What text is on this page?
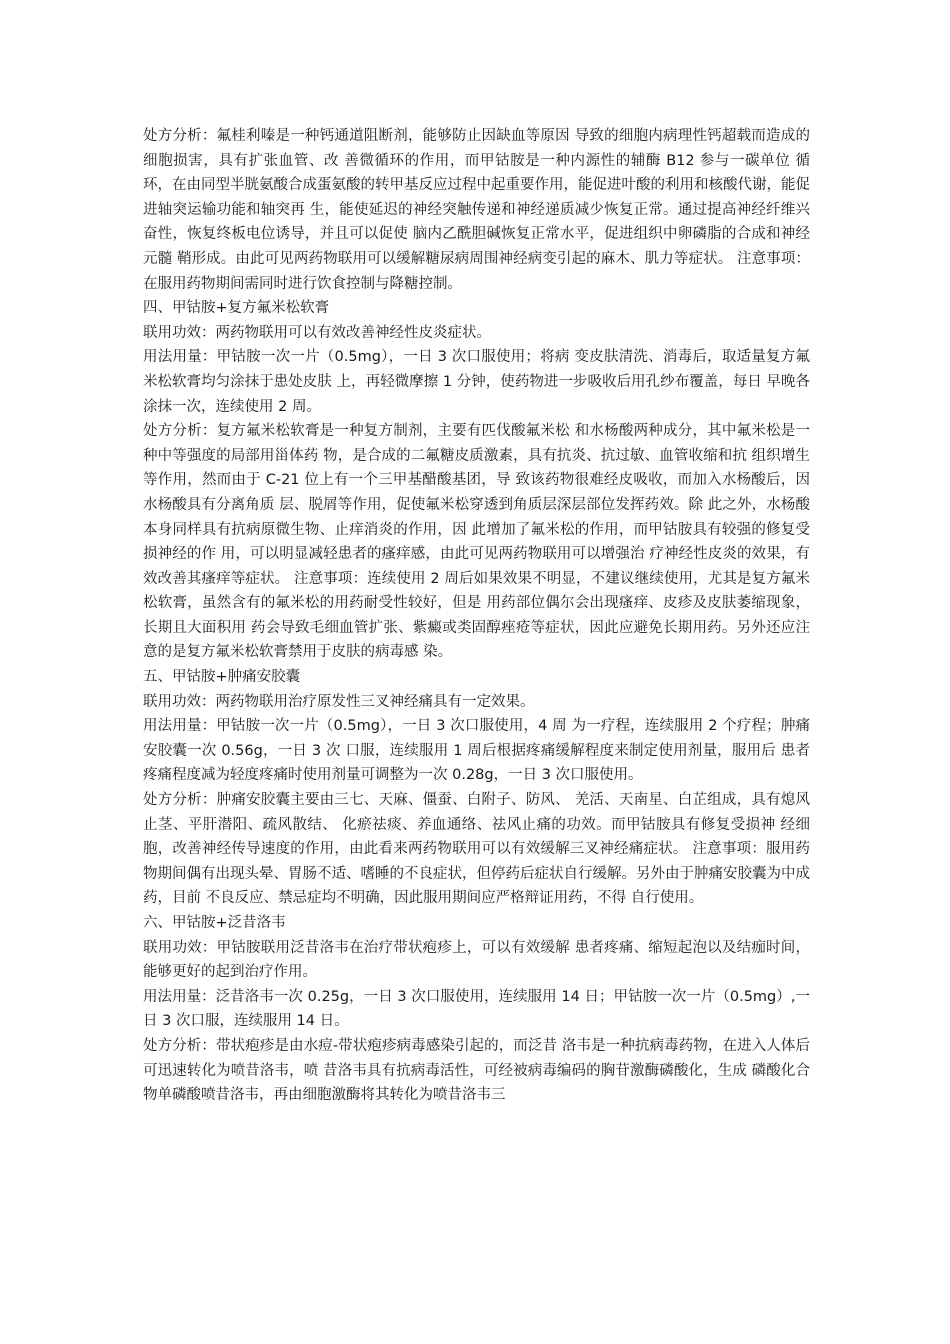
处方分析：氟桂利嗪是一种钙通道阻断剂，能够防止因缺血等原因 导致的细胞内病理性钙超载而造成的细胞损害，具有扩张血管、改 善微循环的作用，而甲钴胺是一种内源性的辅酶 B12 参与一碳单位 循环，在由同型半胱氨酸合成蛋氨酸的转甲基反应过程中起重要作用，能促进叶酸的利用和核酸代谢，能促进轴突运输功能和轴突再 生，能使延迟的神经突触传递和神经递质减少恢复正常。通过提高神经纤维兴奋性，恢复终板电位诱导，并且可以促使 脑内乙酰胆碱恢复正常水平，促进组织中卵磷脂的合成和神经元髓 鞘形成。由此可见两药物联用可以缓解糖尿病周围神经病变引起的麻木、肌力等症状。 注意事项：在服用药物期间需同时进行饮食控制与降糖控制。

四、甲钴胺+复方氟米松软膏

联用功效：两药物联用可以有效改善神经性皮炎症状。

用法用量：甲钴胺一次一片（0.5mg），一日 3 次口服使用；将病 变皮肤清洗、消毒后，取适量复方氟米松软膏均匀涂抹于患处皮肤 上，再轻微摩擦 1 分钟，使药物进一步吸收后用孔纱布覆盖，每日 早晚各涂抹一次，连续使用 2 周。

处方分析：复方氟米松软膏是一种复方制剂，主要有匹伐酸氟米松 和水杨酸两种成分，其中氟米松是一种中等强度的局部用甾体药 物，是合成的二氟糖皮质激素，具有抗炎、抗过敏、血管收缩和抗 组织增生等作用，然而由于 C-21 位上有一个三甲基醋酸基团，导 致该药物很难经皮吸收，而加入水杨酸后，因水杨酸具有分离角质 层、脱屑等作用，促使氟米松穿透到角质层深层部位发挥药效。除 此之外，水杨酸本身同样具有抗病原微生物、止痒消炎的作用，因 此增加了氟米松的作用，而甲钴胺具有较强的修复受损神经的作 用，可以明显减轻患者的瘙痒感，由此可见两药物联用可以增强治 疗神经性皮炎的效果，有效改善其瘙痒等症状。 注意事项：连续使用 2 周后如果效果不明显，不建议继续使用，尤其是复方氟米松软膏，虽然含有的氟米松的用药耐受性较好，但是 用药部位偶尔会出现瘙痒、皮疹及皮肤萎缩现象，长期且大面积用 药会导致毛细血管扩张、紫癜或类固醇痤疮等症状，因此应避免长期用药。另外还应注意的是复方氟米松软膏禁用于皮肤的病毒感 染。

五、甲钴胺+肿痛安胶囊

联用功效：两药物联用治疗原发性三叉神经痛具有一定效果。

用法用量：甲钴胺一次一片（0.5mg），一日 3 次口服使用，4 周 为一疗程，连续服用 2 个疗程；肿痛安胶囊一次 0.56g，一日 3 次 口服，连续服用 1 周后根据疼痛缓解程度来制定使用剂量，服用后 患者疼痛程度减为轻度疼痛时使用剂量可调整为一次 0.28g，一日 3 次口服使用。

处方分析：肿痛安胶囊主要由三七、天麻、僵蚕、白附子、防风、 羌活、天南星、白芷组成，具有熄风止茎、平肝潜阳、疏风散结、 化瘀祛痰、养血通络、祛风止痛的功效。而甲钴胺具有修复受损神 经细胞，改善神经传导速度的作用，由此看来两药物联用可以有效缓解三叉神经痛症状。 注意事项：服用药物期间偶有出现头晕、胃肠不适、嗜睡的不良症状，但停药后症状自行缓解。另外由于肿痛安胶囊为中成药，目前 不良反应、禁忌症均不明确，因此服用期间应严格辩证用药，不得 自行使用。

六、甲钴胺+泛昔洛韦

联用功效：甲钴胺联用泛昔洛韦在治疗带状疱疹上，可以有效缓解 患者疼痛、缩短起泡以及结痂时间，能够更好的起到治疗作用。

用法用量：泛昔洛韦一次 0.25g，一日 3 次口服使用，连续服用 14 日；甲钴胺一次一片（0.5mg）,一日 3 次口服，连续服用 14 日。

处方分析：带状疱疹是由水痘-带状疱疹病毒感染引起的，而泛昔 洛韦是一种抗病毒药物，在进入人体后可迅速转化为喷昔洛韦，喷 昔洛韦具有抗病毒活性，可经被病毒编码的胸苷激酶磷酸化，生成 磷酸化合物单磷酸喷昔洛韦，再由细胞激酶将其转化为喷昔洛韦三
